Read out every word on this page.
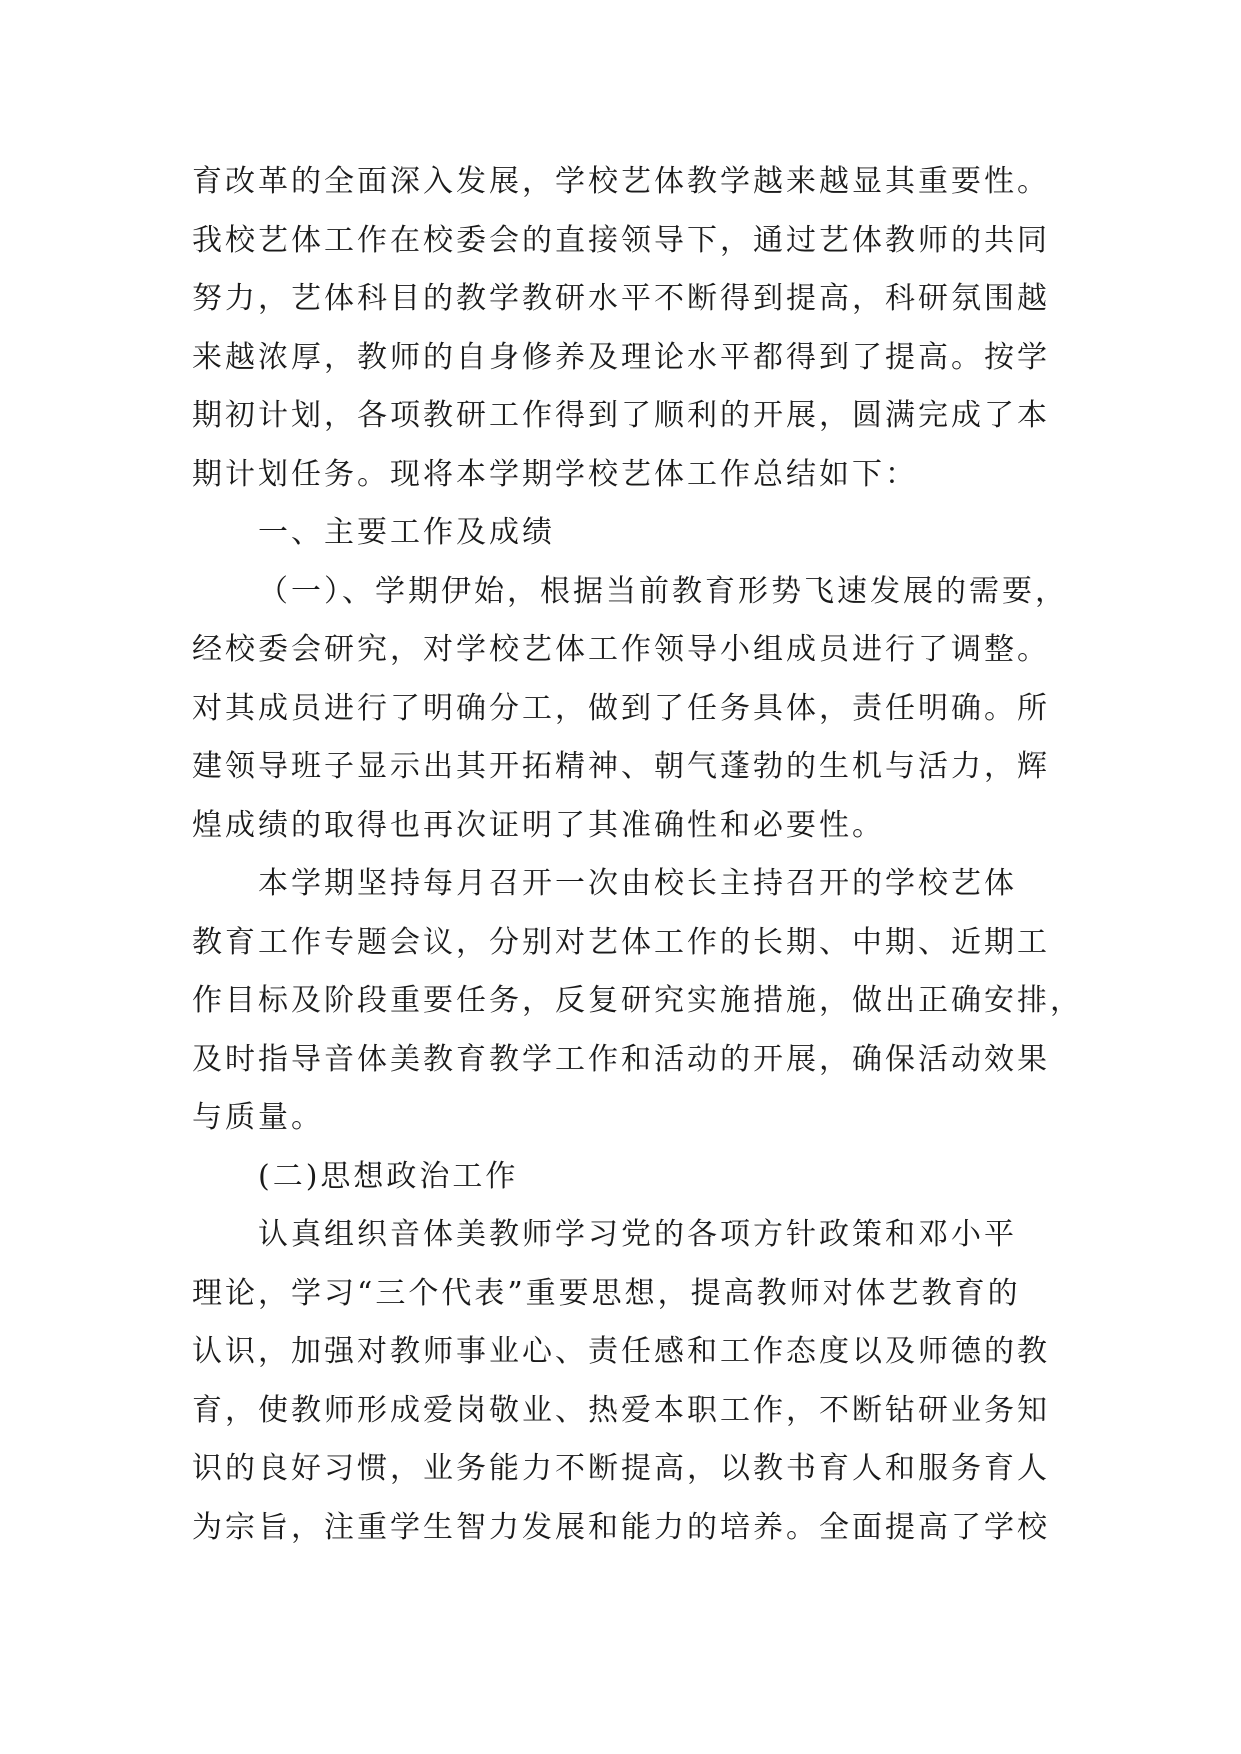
育改革的全面深入发展，学校艺体教学越来越显其重要性。
我校艺体工作在校委会的直接领导下，通过艺体教师的共同
努力，艺体科目的教学教研水平不断得到提高，科研氛围越
来越浓厚，教师的自身修养及理论水平都得到了提高。按学
期初计划，各项教研工作得到了顺利的开展，圆满完成了本
期计划任务。现将本学期学校艺体工作总结如下：
一、主要工作及成绩
（一）、学期伊始，根据当前教育形势飞速发展的需要，
经校委会研究，对学校艺体工作领导小组成员进行了调整。
对其成员进行了明确分工，做到了任务具体，责任明确。所
建领导班子显示出其开拓精神、朝气蓬勃的生机与活力，辉
煌成绩的取得也再次证明了其准确性和必要性。
本学期坚持每月召开一次由校长主持召开的学校艺体
教育工作专题会议，分别对艺体工作的长期、中期、近期工
作目标及阶段重要任务，反复研究实施措施，做出正确安排，
及时指导音体美教育教学工作和活动的开展，确保活动效果
与质量。
(二)思想政治工作
认真组织音体美教师学习党的各项方针政策和邓小平
理论，学习“三个代表”重要思想，提高教师对体艺教育的
认识，加强对教师事业心、责任感和工作态度以及师德的教
育，使教师形成爱岗敬业、热爱本职工作，不断钻研业务知
识的良好习惯，业务能力不断提高，以教书育人和服务育人
为宗旨，注重学生智力发展和能力的培养。全面提高了学校
